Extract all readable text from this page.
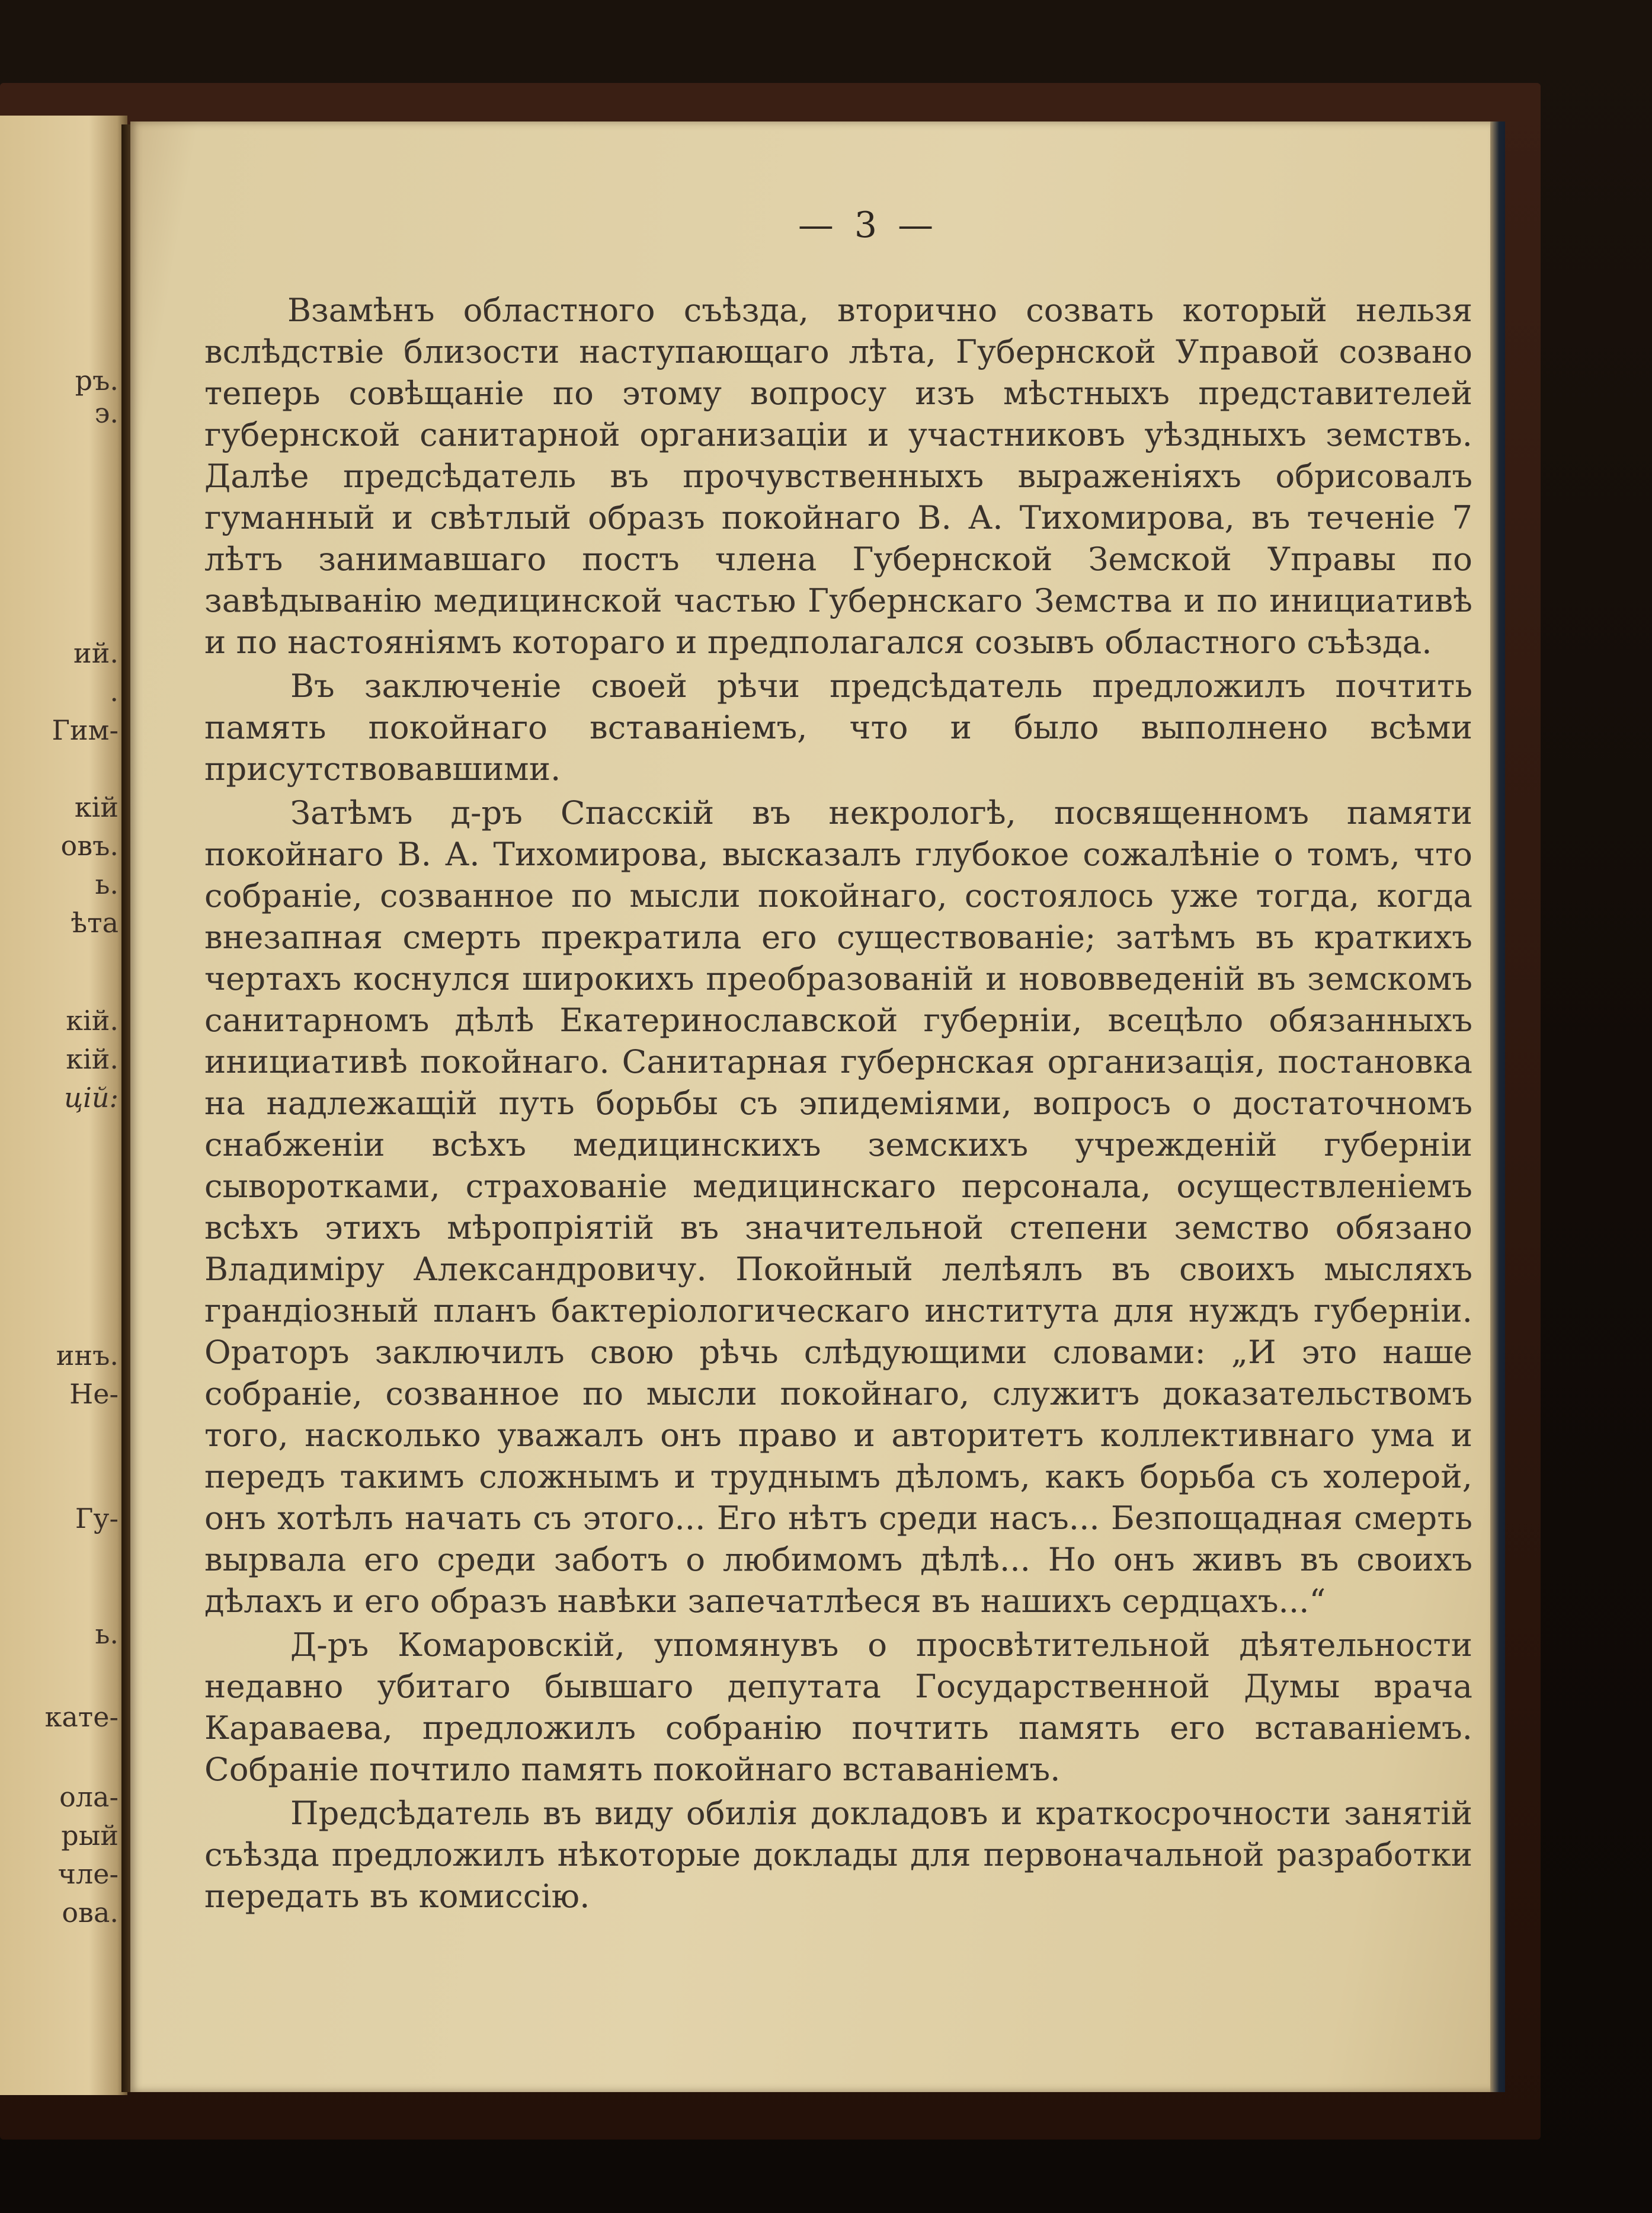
ръ.
э.
ий.
.
Гим-
кій
овъ.
ь.
ѣта
кій.
кій.
цій:
инъ.
Не-
Гу-
ь.
кате-
ола-
рый
чле-
ова.
— 3 —

Взамѣнъ областного съѣзда, вторично созвать который нельзя вслѣдствіе близости наступающаго лѣта, Губернской Управой созвано теперь совѣщаніе по этому вопросу изъ мѣстныхъ представителей губернской санитарной организаціи и участниковъ уѣздныхъ земствъ. Далѣе предсѣдатель въ прочувственныхъ выраженіяхъ обрисовалъ гуманный и свѣтлый образъ покойнаго В. А. Тихомирова, въ теченіе 7 лѣтъ занимавшаго постъ члена Губернской Земской Управы по завѣдыванію медицинской частью Губернскаго Земства и по инициативѣ и по настояніямъ котораго и предполагался созывъ областного съѣзда.

Въ заключеніе своей рѣчи предсѣдатель предложилъ почтить память покойнаго вставаніемъ, что и было выполнено всѣми присутствовавшими.

Затѣмъ д-ръ Спасскій въ некрологѣ, посвященномъ памяти покойнаго В. А. Тихомирова, высказалъ глубокое сожалѣніе о томъ, что собраніе, созванное по мысли покойнаго, состоялось уже тогда, когда внезапная смерть прекратила его существованіе; затѣмъ въ краткихъ чертахъ коснулся широкихъ преобразованій и нововведеній въ земскомъ санитарномъ дѣлѣ Екатеринославской губерніи, всецѣло обязанныхъ инициативѣ покойнаго. Санитарная губернская организація, постановка на надлежащій путь борьбы съ эпидеміями, вопросъ о достаточномъ снабженіи всѣхъ медицинскихъ земскихъ учрежденій губерніи сыворотками, страхованіе медицинскаго персонала, осуществленіемъ всѣхъ этихъ мѣропріятій въ значительной степени земство обязано Владиміру Александровичу. Покойный лелѣялъ въ своихъ мысляхъ грандіозный планъ бактеріологическаго института для нуждъ губерніи. Ораторъ заключилъ свою рѣчь слѣдующими словами: „И это наше собраніе, созванное по мысли покойнаго, служитъ доказательствомъ того, насколько уважалъ онъ право и авторитетъ коллективнаго ума и передъ такимъ сложнымъ и труднымъ дѣломъ, какъ борьба съ холерой, онъ хотѣлъ начать съ этого... Его нѣтъ среди насъ... Безпощадная смерть вырвала его среди заботъ о любимомъ дѣлѣ... Но онъ живъ въ своихъ дѣлахъ и его образъ навѣки запечатлѣеся въ нашихъ сердцахъ...“

Д-ръ Комаровскій, упомянувъ о просвѣтительной дѣятельности недавно убитаго бывшаго депутата Государственной Думы врача Караваева, предложилъ собранію почтить память его вставаніемъ. Собраніе почтило память покойнаго вставаніемъ.

Предсѣдатель въ виду обилія докладовъ и краткосрочности занятій съѣзда предложилъ нѣкоторые доклады для первоначальной разработки передать въ комиссію.
